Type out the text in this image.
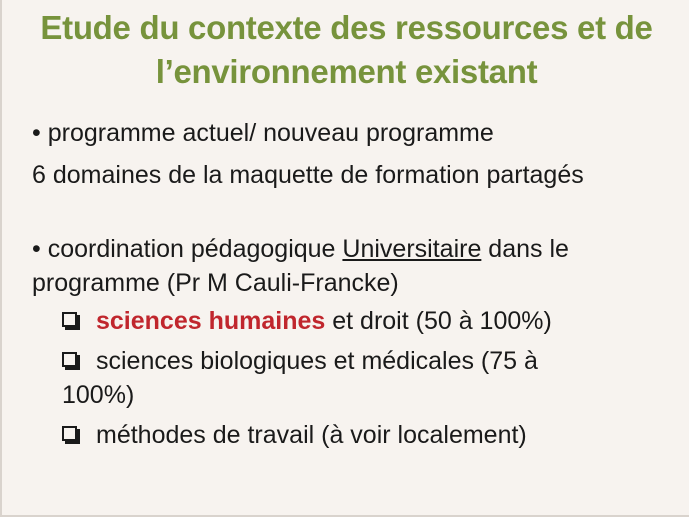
Etude du contexte des ressources et de
l’environnement existant
• programme actuel/ nouveau programme
6 domaines de la maquette de formation partagés
• coordination pédagogique Universitaire dans le
programme (Pr M Cauli-Francke)
sciences humaines et droit (50 à 100%)
sciences biologiques et médicales (75 à
100%)
méthodes de travail (à voir localement)
